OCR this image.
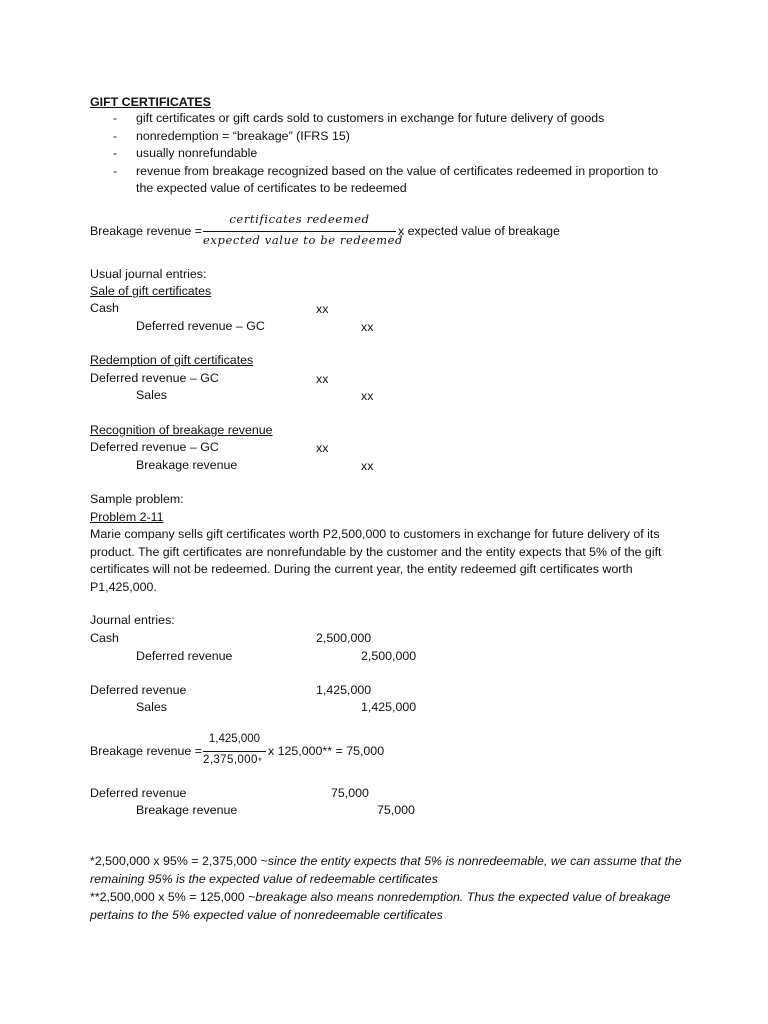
GIFT CERTIFICATES
- gift certificates or gift cards sold to customers in exchange for future delivery of goods
- nonredemption = “breakage” (IFRS 15)
- usually nonrefundable
- revenue from breakage recognized based on the value of certificates redeemed in proportion to
the expected value of certificates to be redeemed
Breakage revenue =
certificates redeemed
expected value to be redeemed
x expected value of breakage
Usual journal entries:
Sale of gift certificates
Cash	xx
Deferred revenue – GC	xx
Redemption of gift certificates
Deferred revenue – GC	xx
Sales	xx
Recognition of breakage revenue
Deferred revenue – GC	xx
Breakage revenue	xx
Sample problem:
Problem 2-11
Marie company sells gift certificates worth P2,500,000 to customers in exchange for future delivery of its product. The gift certificates are nonrefundable by the customer and the entity expects that 5% of the gift certificates will not be redeemed. During the current year, the entity redeemed gift certificates worth P1,425,000.
Journal entries:
Cash	2,500,000
Deferred revenue	2,500,000
Deferred revenue	1,425,000
Sales	1,425,000
Breakage revenue =
1,425,000
2,375,000*
x 125,000** = 75,000
Deferred revenue	75,000
Breakage revenue	75,000
*2,500,000 x 95% = 2,375,000 ~since the entity expects that 5% is nonredeemable, we can assume that the remaining 95% is the expected value of redeemable certificates
**2,500,000 x 5% = 125,000 ~breakage also means nonredemption. Thus the expected value of breakage pertains to the 5% expected value of nonredeemable certificates
